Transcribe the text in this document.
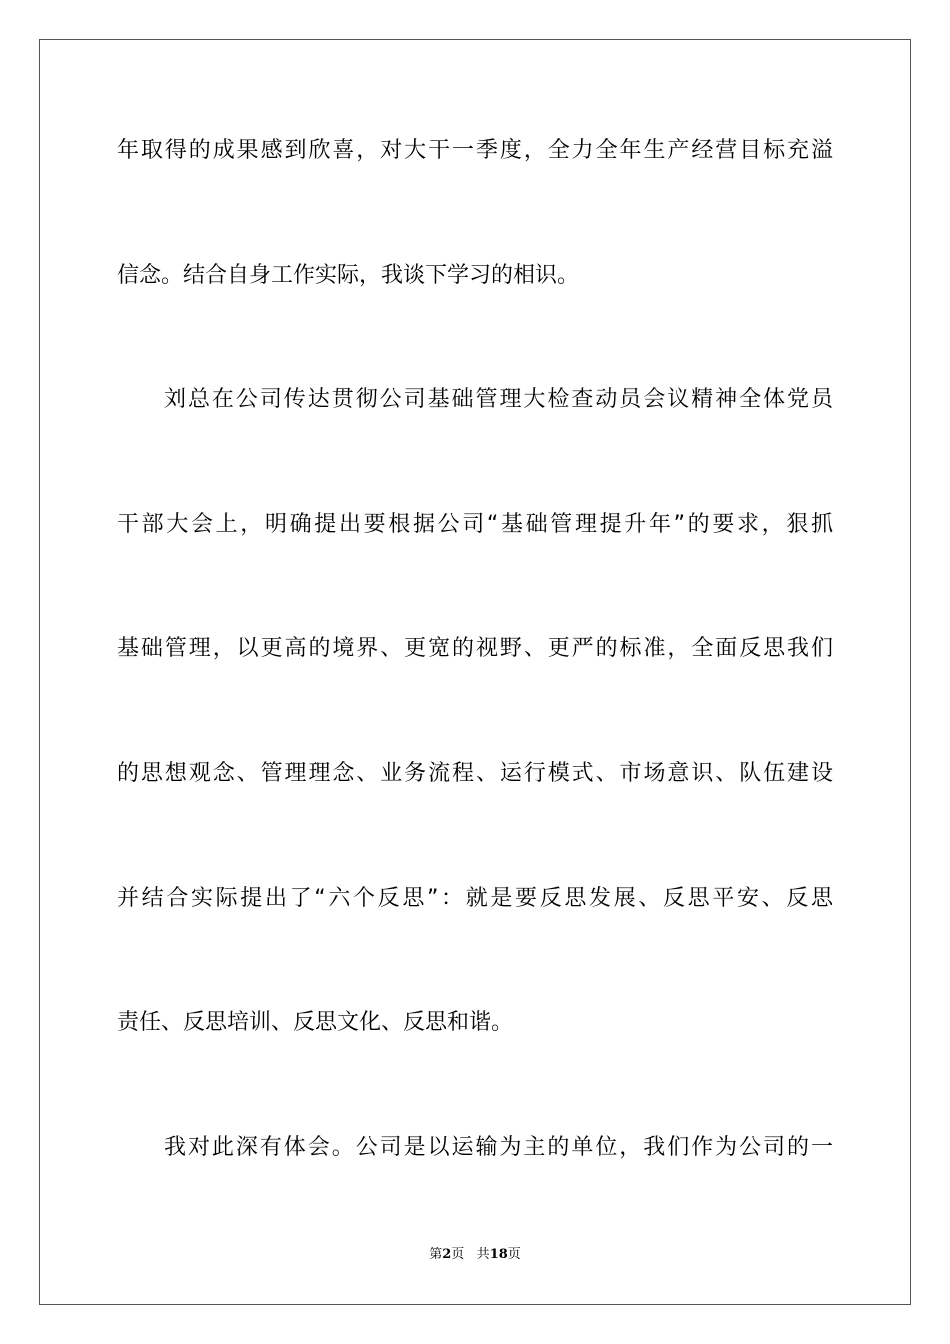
年取得的成果感到欣喜，对大干一季度，全力全年生产经营目标充溢
信念。结合自身工作实际，我谈下学习的相识。
刘总在公司传达贯彻公司基础管理大检查动员会议精神全体党员
干部大会上，明确提出要根据公司“基础管理提升年”的要求，狠抓
基础管理，以更高的境界、更宽的视野、更严的标准，全面反思我们
的思想观念、管理理念、业务流程、运行模式、市场意识、队伍建设
并结合实际提出了“六个反思”：就是要反思发展、反思平安、反思
责任、反思培训、反思文化、反思和谐。
我对此深有体会。公司是以运输为主的单位，我们作为公司的一
第2页 共18页
